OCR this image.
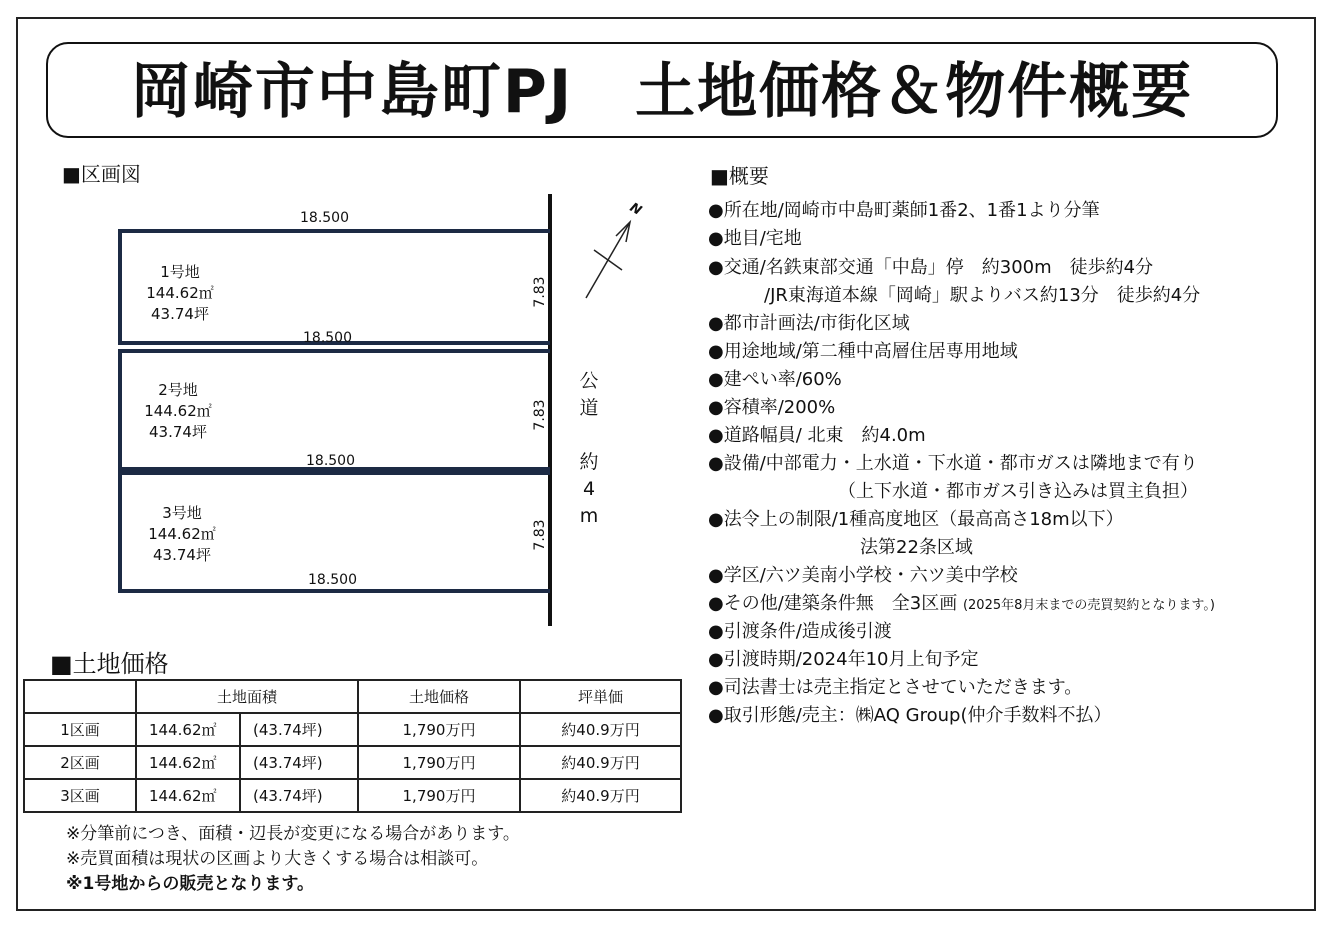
岡崎市中島町PJ　土地価格＆物件概要
■区画図
1号地
144.62㎡
43.74坪
2号地
144.62㎡
43.74坪
3号地
144.62㎡
43.74坪
18.500
18.500
18.500
18.500
7.83
7.83
7.83
公
道
約
4
m
N
■概要
●所在地/岡崎市中島町薬師1番2、1番1より分筆
●地目/宅地
●交通/名鉄東部交通「中島」停　約300m　徒歩約4分
/JR東海道本線「岡崎」駅よりバス約13分　徒歩約4分
●都市計画法/市街化区域
●用途地域/第二種中高層住居専用地域
●建ぺい率/60%
●容積率/200%
●道路幅員/ 北東　約4.0m
●設備/中部電力・上水道・下水道・都市ガスは隣地まで有り
（上下水道・都市ガス引き込みは買主負担）
●法令上の制限/1種高度地区（最高高さ18m以下）
法第22条区域
●学区/六ツ美南小学校・六ツ美中学校
●その他/建築条件無　全3区画 (2025年8月末までの売買契約となります。)
●引渡条件/造成後引渡
●引渡時期/2024年10月上旬予定
●司法書士は売主指定とさせていただきます。
●取引形態/売主：㈱AQ Group(仲介手数料不払）
■土地価格
	土地面積		土地価格	坪単価
1区画	144.62㎡	(43.74坪)	1,790万円	約40.9万円
2区画	144.62㎡	(43.74坪)	1,790万円	約40.9万円
3区画	144.62㎡	(43.74坪)	1,790万円	約40.9万円
※分筆前につき、面積・辺長が変更になる場合があります。
※売買面積は現状の区画より大きくする場合は相談可。
※1号地からの販売となります。
